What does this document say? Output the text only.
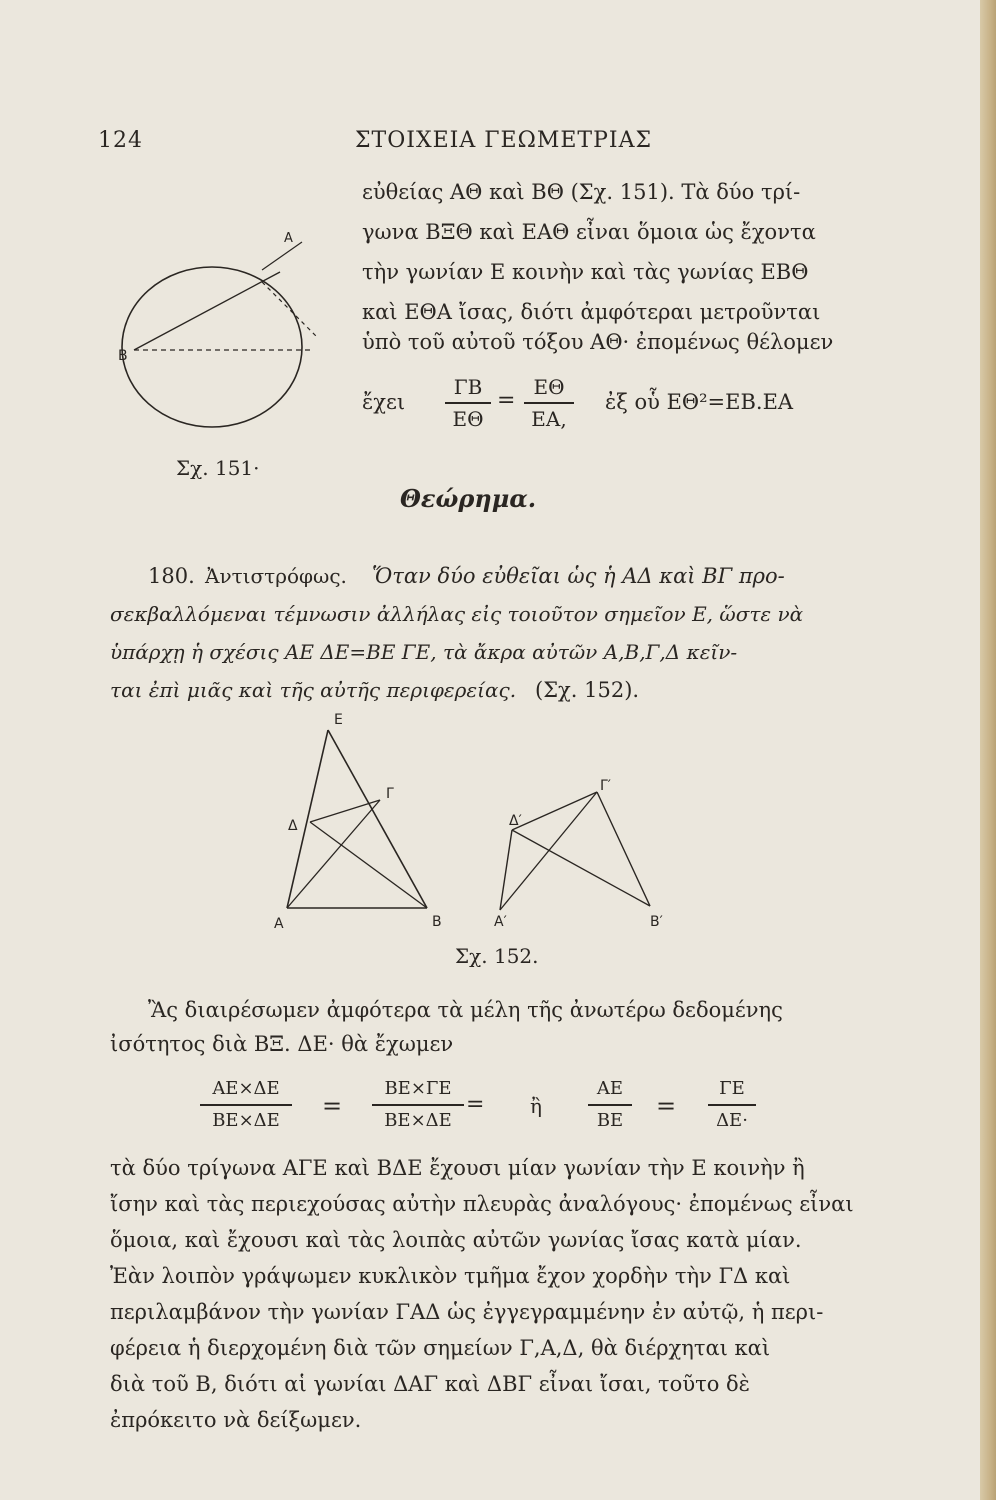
124	ΣΤΟΙΧΕΙΑ ΓΕΩΜΕΤΡΙΑΣ
Α
Β
Σχ. 151·
εὐθείας ΑΘ καὶ ΒΘ (Σχ. 151). Τὰ δύο τρί-
γωνα ΒΞΘ καὶ ΕΑΘ εἶναι ὅμοια ὡς ἔχοντα
τὴν γωνίαν Ε κοινὴν καὶ τὰς γωνίας ΕΒΘ
καὶ ΕΘΑ ἴσας, διότι ἀμφότεραι μετροῦνται
ὑπὸ τοῦ αὐτοῦ τόξου ΑΘ· ἐπομένως θέλομεν
ἔχει
ΓΒ
ΕΘ
=
ΕΘ
ΕΑ,
ἐξ οὗ ΕΘ²=ΕΒ.ΕΑ
Θεώρημα.
180. Ἀντιστρόφως. Ὅταν δύο εὐθεῖαι ὡς ἡ ΑΔ καὶ ΒΓ προ-
σεκβαλλόμεναι τέμνωσιν ἀλλήλας εἰς τοιοῦτον σημεῖον Ε, ὥστε νὰ
ὑπάρχῃ ἡ σχέσις ΑΕ ΔΕ=ΒΕ ΓΕ, τὰ ἄκρα αὐτῶν Α,Β,Γ,Δ κεῖν-
ται ἐπὶ μιᾶς καὶ τῆς αὐτῆς περιφερείας. (Σχ. 152).
Ε
Γ
Δ
Α	Β
Γ′
Δ′
Α′	Β′
Σχ. 152.
Ἂς διαιρέσωμεν ἀμφότερα τὰ μέλη τῆς ἀνωτέρω δεδομένης
ἰσότητος διὰ ΒΞ. ΔΕ· θὰ ἔχωμεν
ΑΕ×ΔΕ
ΒΕ×ΔΕ
=
ΒΕ×ΓΕ
ΒΕ×ΔΕ
= ἢ
ΑΕ
ΒΕ
=
ΓΕ
ΔΕ·
τὰ δύο τρίγωνα ΑΓΕ καὶ ΒΔΕ ἔχουσι μίαν γωνίαν τὴν Ε κοινὴν ἢ
ἴσην καὶ τὰς περιεχούσας αὐτὴν πλευρὰς ἀναλόγους· ἐπομένως εἶναι
ὅμοια, καὶ ἔχουσι καὶ τὰς λοιπὰς αὐτῶν γωνίας ἴσας κατὰ μίαν.
Ἐὰν λοιπὸν γράψωμεν κυκλικὸν τμῆμα ἔχον χορδὴν τὴν ΓΔ καὶ
περιλαμβάνον τὴν γωνίαν ΓΑΔ ὡς ἐγγεγραμμένην ἐν αὐτῷ, ἡ περι-
φέρεια ἡ διερχομένη διὰ τῶν σημείων Γ,Α,Δ, θὰ διέρχηται καὶ
διὰ τοῦ Β, διότι αἱ γωνίαι ΔΑΓ καὶ ΔΒΓ εἶναι ἴσαι, τοῦτο δὲ
ἐπρόκειτο νὰ δείξωμεν.
